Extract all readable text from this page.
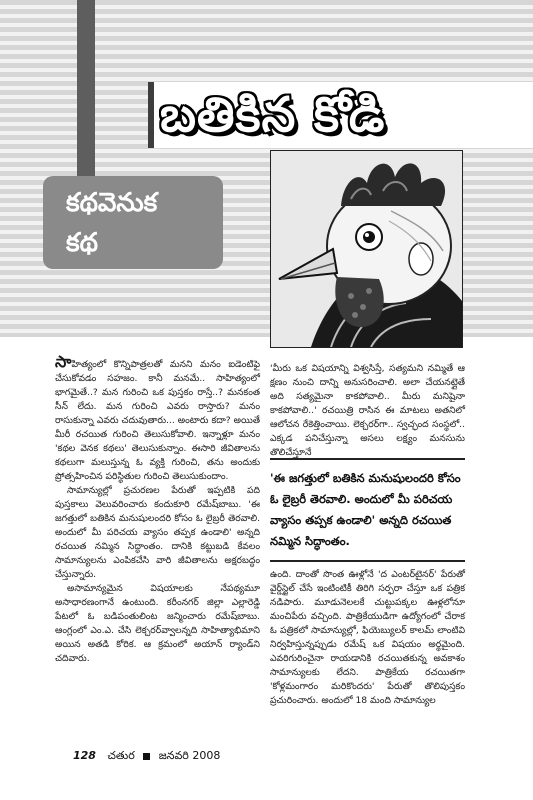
బతికిన కోడి
కథవెనుక
కథ

సాహిత్యంలో కొన్నిపాత్రలతో మనని మనం ఐడెంటిఫై చేసుకోవడం సహజం. కానీ మనమే.. సాహిత్యంలో భాగమైతే..? మన గురించి ఒక పుస్తకం రాస్తే..? మనకంత సీన్ లేదు. మన గురించి ఎవరు రాస్తారు? మనం రాసుకున్నా ఎవరు చదువుతారు... అంటారు కదా? అయితే మీరీ రచయిత గురించి తెలుసుకోవాలి. ఇన్నాళ్లూ మనం 'కథల వెనక కథలు' తెలుసుకున్నాం. ఈసారి జీవితాలను కథలుగా మలుస్తున్న ఓ వ్యక్తి గురించి, తను అందుకు ప్రోత్సహించిన పరిస్థితుల గురించి తెలుసుకుందాం.

సామాన్యుల్లో ప్రచురణల పేరుతో ఇప్పటికి పది పుస్తకాలు వెలువరించారు కందుకూరి రమేష్‌బాబు. 'ఈ జగత్తులో బతికిన మనుషులందరి కోసం ఓ లైబ్రరీ తెరవాలి. అందులో మీ పరిచయ వ్యాసం తప్పక ఉండాలి' అన్నది రచయిత నమ్మిన సిద్ధాంతం. దానికి కట్టుబడి కేవలం సామాన్యులను ఎంపికచేసి వారి జీవితాలను అక్షరబద్ధం చేస్తున్నారు.

అసామాన్యమైన విషయాలకు నేపథ్యమూ అసాధారణంగానే ఉంటుంది. కరీంనగర్ జిల్లా ఎల్లారెడ్డి పేటలో ఓ బడిపంతులింట జన్మించారు రమేష్‌బాబు. ఆంగ్లంలో ఎం.ఎ. చేసి లెక్చరర్‌వ్వాలన్నది సాహిత్యాభిమాని అయిన అతడి కోరిక. ఆ క్రమంలో అయాన్ ర్యాండ్‌ని చదివారు.

'మీరు ఒక విషయాన్ని విశ్వసిస్తే, సత్యమని నమ్మితే ఆ క్షణం నుంచి దాన్ని అనుసరించాలి. అలా చేయనట్లైతే అది సత్యమైనా కాకపోవాలి.. మీరు మనిషైనా కాకపోవాలి..' రచయిత్రి రాసిన ఈ మాటలు అతనిలో ఆలోచన రేకెత్తించాయి. లెక్చరర్‌గా.. స్వచ్ఛంద సంస్థలో.. ఎక్కడ పనిచేస్తున్నా అసలు లక్ష్యం మనసును తొలిచేస్తూనే

'ఈ జగత్తులో బతికిన మనుషులందరి కోసం ఓ లైబ్రరీ తెరవాలి. అందులో మీ పరిచయ వ్యాసం తప్పక ఉండాలి' అన్నది రచయిత నమ్మిన సిద్ధాంతం.

ఉంది. దాంతో సొంత ఊళ్లోనే 'ద ఎంటర్‌టైనర్' పేరుతో వైర్డ్‌స్టైల్ చేసే ఇంటింటికీ తిరిగి సర్ఫరా చేస్తూ ఒక పత్రిక నడిపారు. మూడునెలలకే చుట్టుపక్కల ఊళ్లలోనూ మంచిపేరు వచ్చింది. పాత్రికేయుడిగా ఉద్యోగంలో చేరాక ఓ పత్రికలో సామాన్యుల్లో, ఫియెబ్యులర్ కాలమ్ లాంటివి నిర్వహిస్తున్నప్పుడు రమేష్ ఒక విషయం అర్థమైంది. ఎవరిగురించైనా రాయడానికి రచయితకున్న అవకాశం సామాన్యులకు లేదని. పాత్రికేయ రచయితగా 'కోళ్లమంగారం మరికొందరు' పేరుతో తొలిపుస్తకం ప్రచురించారు. అందులో 18 మంది సామాన్యుల

128 చతుర జనవరి 2008
